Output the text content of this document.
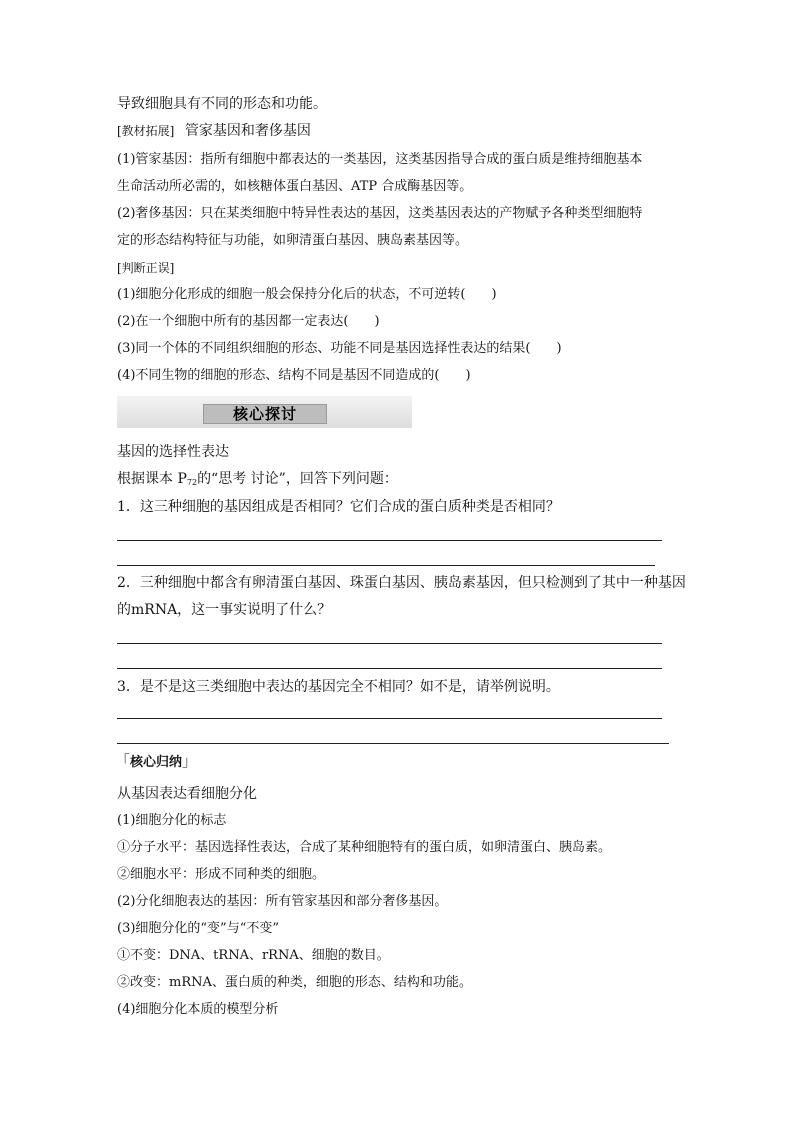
导致细胞具有不同的形态和功能。
[教材拓展] 管家基因和奢侈基因
(1)管家基因：指所有细胞中都表达的一类基因，这类基因指导合成的蛋白质是维持细胞基本
生命活动所必需的，如核糖体蛋白基因、ATP 合成酶基因等。
(2)奢侈基因：只在某类细胞中特异性表达的基因，这类基因表达的产物赋予各种类型细胞特
定的形态结构特征与功能，如卵清蛋白基因、胰岛素基因等。
[判断正误]
(1)细胞分化形成的细胞一般会保持分化后的状态，不可逆转(　　)
(2)在一个细胞中所有的基因都一定表达(　　)
(3)同一个体的不同组织细胞的形态、功能不同是基因选择性表达的结果(　　)
(4)不同生物的细胞的形态、结构不同是基因不同造成的(　　)
核心探讨
基因的选择性表达
根据课本 $P_{72}$的“思考 讨论”，回答下列问题：
1．这三种细胞的基因组成是否相同？它们合成的蛋白质种类是否相同？
2．三种细胞中都含有卵清蛋白基因、珠蛋白基因、胰岛素基因，但只检测到了其中一种基因
的mRNA，这一事实说明了什么？
3．是不是这三类细胞中表达的基因完全不相同？如不是，请举例说明。
「核心归纳」
从基因表达看细胞分化
(1)细胞分化的标志
①分子水平：基因选择性表达，合成了某种细胞特有的蛋白质，如卵清蛋白、胰岛素。
②细胞水平：形成不同种类的细胞。
(2)分化细胞表达的基因：所有管家基因和部分奢侈基因。
(3)细胞分化的“变”与“不变”
①不变：DNA、tRNA、rRNA、细胞的数目。
②改变：mRNA、蛋白质的种类，细胞的形态、结构和功能。
(4)细胞分化本质的模型分析
